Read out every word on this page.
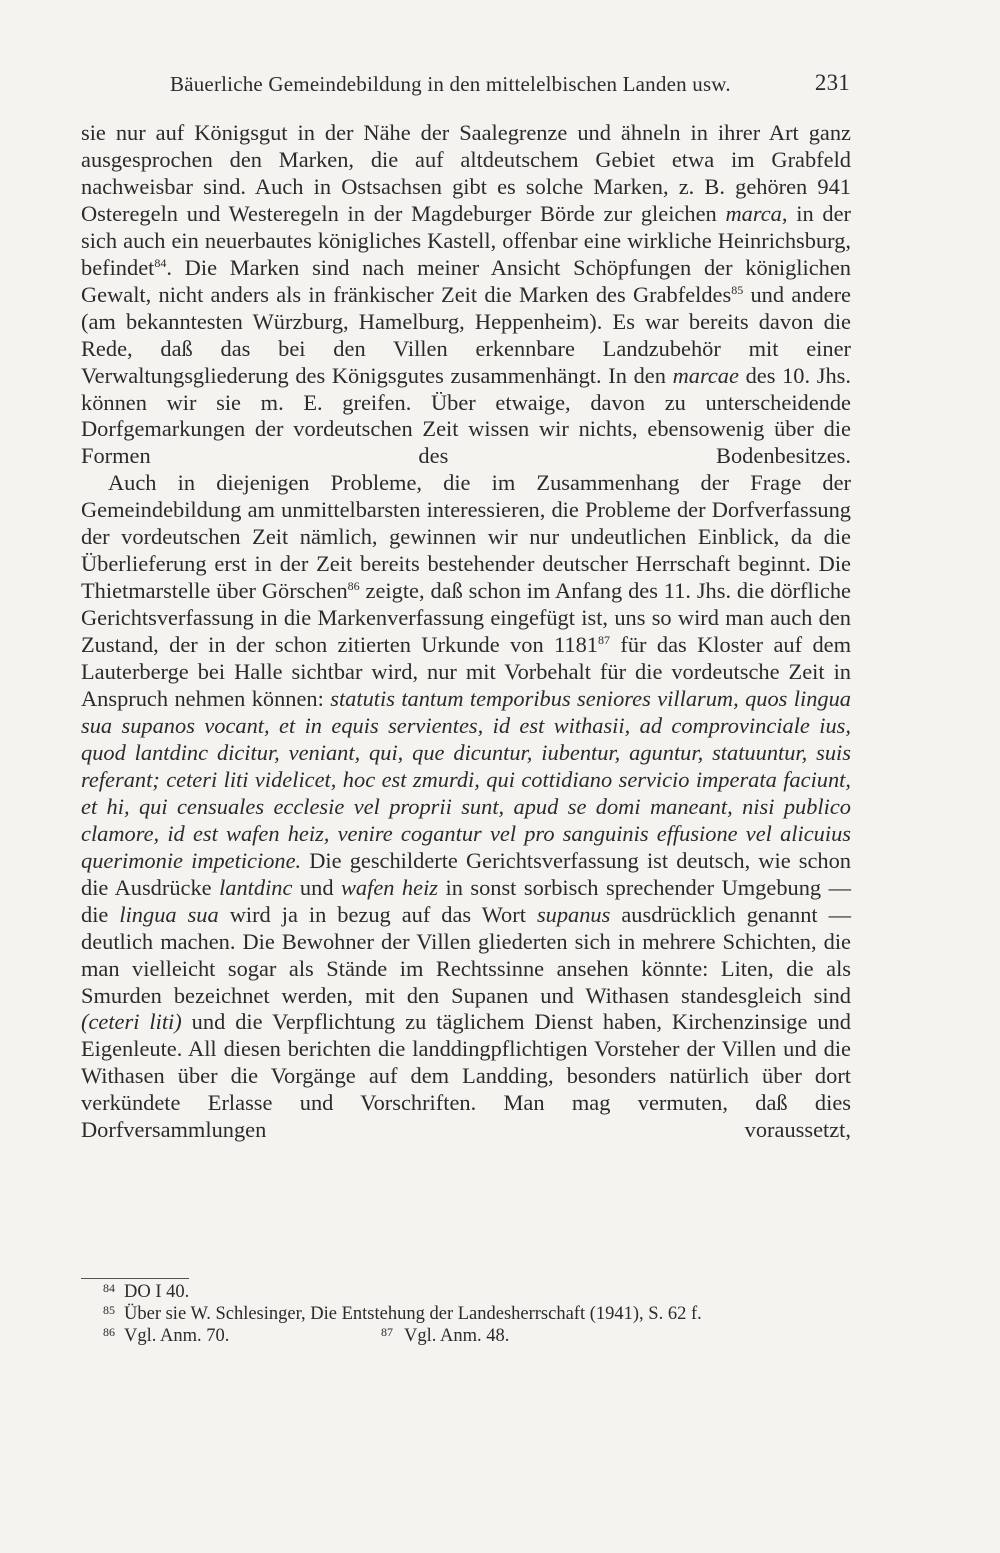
Bäuerliche Gemeindebildung in den mittelelbischen Landen usw.	231

sie nur auf Königsgut in der Nähe der Saalegrenze und ähneln in ihrer Art ganz ausgesprochen den Marken, die auf altdeutschem Gebiet etwa im Grabfeld nachweisbar sind. Auch in Ostsachsen gibt es solche Marken, z. B. gehören 941 Osteregeln und Westeregeln in der Magdeburger Börde zur gleichen marca, in der sich auch ein neuerbautes königliches Kastell, offenbar eine wirkliche Heinrichsburg, befindet$^{84}$. Die Marken sind nach meiner Ansicht Schöpfungen der königlichen Gewalt, nicht anders als in fränkischer Zeit die Marken des Grabfeldes$^{85}$ und andere (am bekanntesten Würzburg, Hamelburg, Heppenheim). Es war bereits davon die Rede, daß das bei den Villen erkennbare Landzubehör mit einer Verwaltungsgliederung des Königsgutes zusammenhängt. In den marcae des 10. Jhs. können wir sie m. E. greifen. Über etwaige, davon zu unterscheidende Dorfgemarkungen der vordeutschen Zeit wissen wir nichts, ebensowenig über die Formen des Bodenbesitzes.

Auch in diejenigen Probleme, die im Zusammenhang der Frage der Gemeindebildung am unmittelbarsten interessieren, die Probleme der Dorfverfassung der vordeutschen Zeit nämlich, gewinnen wir nur undeutlichen Einblick, da die Überlieferung erst in der Zeit bereits bestehender deutscher Herrschaft beginnt. Die Thietmarstelle über Görschen$^{86}$ zeigte, daß schon im Anfang des 11. Jhs. die dörfliche Gerichtsverfassung in die Markenverfassung eingefügt ist, uns so wird man auch den Zustand, der in der schon zitierten Urkunde von 1181$^{87}$ für das Kloster auf dem Lauterberge bei Halle sichtbar wird, nur mit Vorbehalt für die vordeutsche Zeit in Anspruch nehmen können: statutis tantum temporibus seniores villarum, quos lingua sua supanos vocant, et in equis servientes, id est withasii, ad comprovinciale ius, quod lantdinc dicitur, veniant, qui, que dicuntur, iubentur, aguntur, statuuntur, suis referant; ceteri liti videlicet, hoc est zmurdi, qui cottidiano servicio imperata faciunt, et hi, qui censuales ecclesie vel proprii sunt, apud se domi maneant, nisi publico clamore, id est wafen heiz, venire cogantur vel pro sanguinis effusione vel alicuius querimonie impeticione. Die geschilderte Gerichtsverfassung ist deutsch, wie schon die Ausdrücke lantdinc und wafen heiz in sonst sorbisch sprechender Umgebung — die lingua sua wird ja in bezug auf das Wort supanus ausdrücklich genannt — deutlich machen. Die Bewohner der Villen gliederten sich in mehrere Schichten, die man vielleicht sogar als Stände im Rechtssinne ansehen könnte: Liten, die als Smurden bezeichnet werden, mit den Supanen und Withasen standesgleich sind (ceteri liti) und die Verpflichtung zu täglichem Dienst haben, Kirchenzinsige und Eigenleute. All diesen berichten die landdingpflichtigen Vorsteher der Villen und die Withasen über die Vorgänge auf dem Landding, besonders natürlich über dort verkündete Erlasse und Vorschriften. Man mag vermuten, daß dies Dorfversammlungen voraussetzt,

84 DO I 40.
85 Über sie W. Schlesinger, Die Entstehung der Landesherrschaft (1941), S. 62 f.
86 Vgl. Anm. 70.	87 Vgl. Anm. 48.
